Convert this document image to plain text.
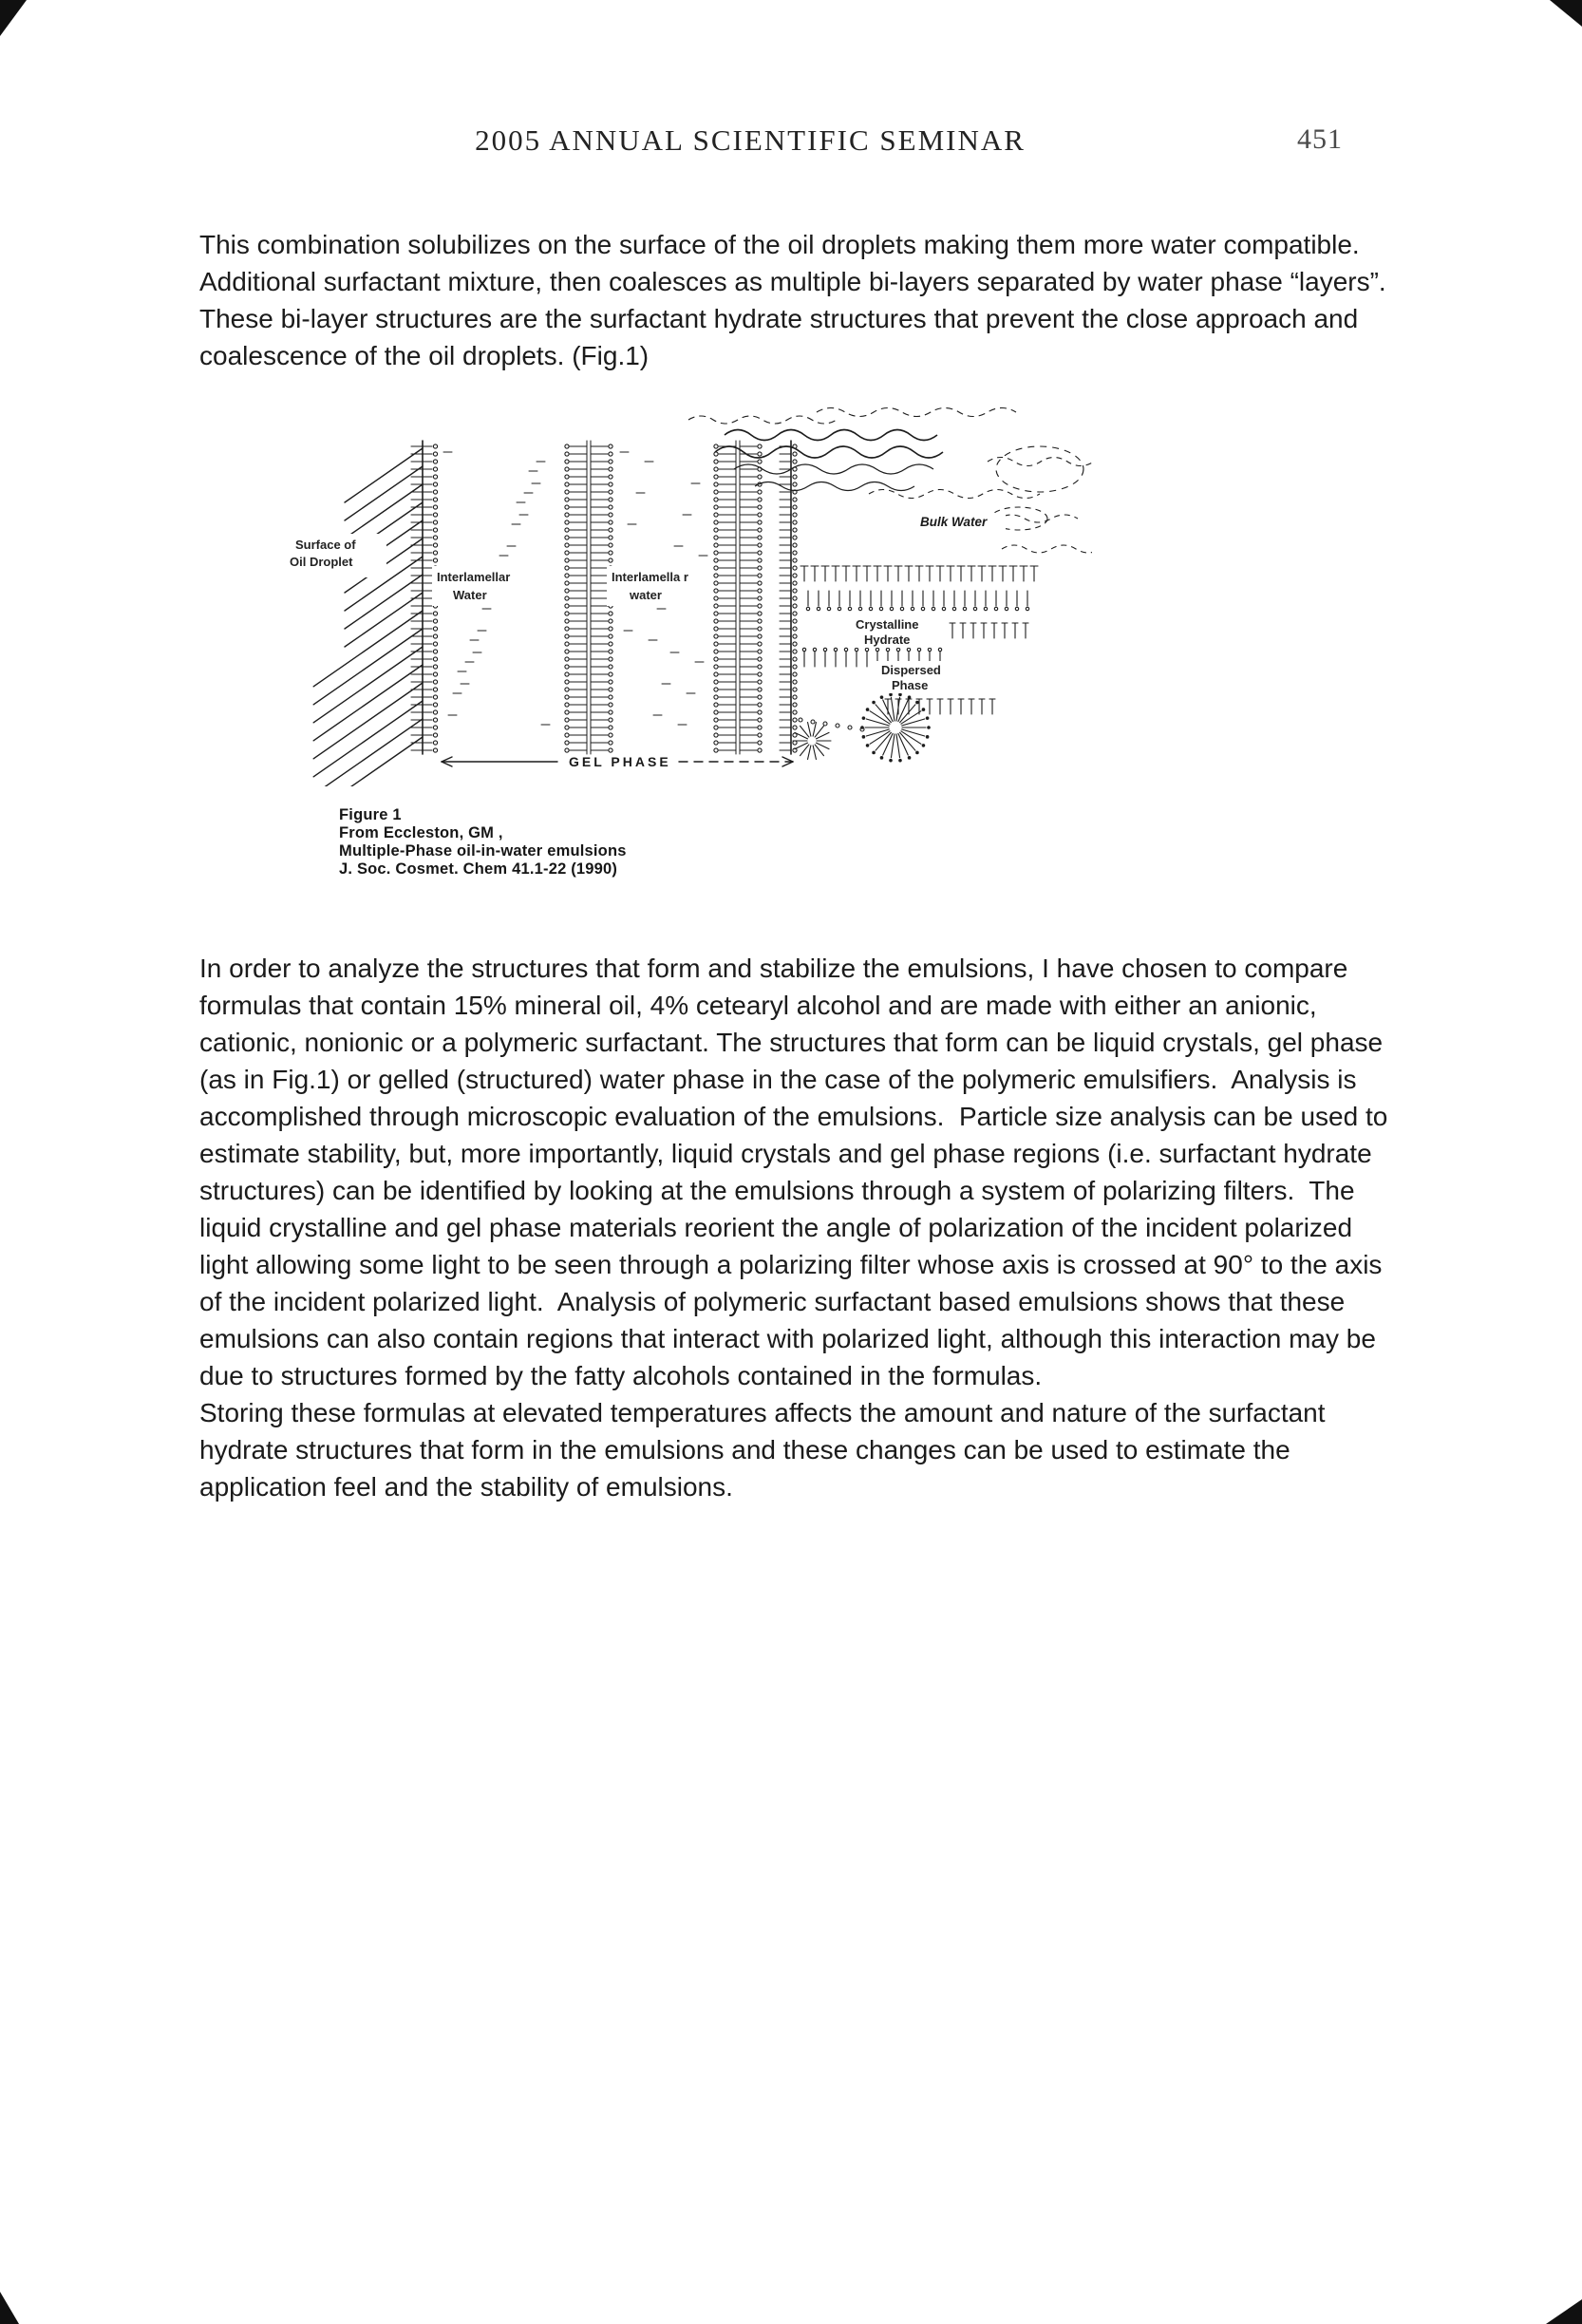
2005 ANNUAL SCIENTIFIC SEMINAR	451

This combination solubilizes on the surface of the oil droplets making them more water compatible.  Additional surfactant mixture, then coalesces as multiple bi-layers separated by water phase “layers”.  These bi-layer structures are the surfactant hydrate structures that prevent the close approach and coalescence of the oil droplets. (Fig.1)

Surface of
Oil Droplet
Interlamellar
Water
Interlamella r
water
Bulk Water
Crystalline
Hydrate
Dispersed
Phase
GEL PHASE
Figure 1
From Eccleston, GM ,
Multiple-Phase oil-in-water emulsions
J. Soc. Cosmet. Chem 41.1-22 (1990)

In order to analyze the structures that form and stabilize the emulsions, I have chosen to compare formulas that contain 15% mineral oil, 4% cetearyl alcohol and are made with either an anionic, cationic, nonionic or a polymeric surfactant. The structures that form can be liquid crystals, gel phase (as in Fig.1) or gelled (structured) water phase in the case of the polymeric emulsifiers.  Analysis is accomplished through microscopic evaluation of the emulsions.  Particle size analysis can be used to estimate stability, but, more importantly, liquid crystals and gel phase regions (i.e. surfactant hydrate structures) can be identified by looking at the emulsions through a system of polarizing filters.  The liquid crystalline and gel phase materials reorient the angle of polarization of the incident polarized light allowing some light to be seen through a polarizing filter whose axis is crossed at 90° to the axis of the incident polarized light.  Analysis of polymeric surfactant based emulsions shows that these emulsions can also contain regions that interact with polarized light, although this interaction may be due to structures formed by the fatty alcohols contained in the formulas.

Storing these formulas at elevated temperatures affects the amount and nature of the surfactant hydrate structures that form in the emulsions and these changes can be used to estimate the application feel and the stability of emulsions.
